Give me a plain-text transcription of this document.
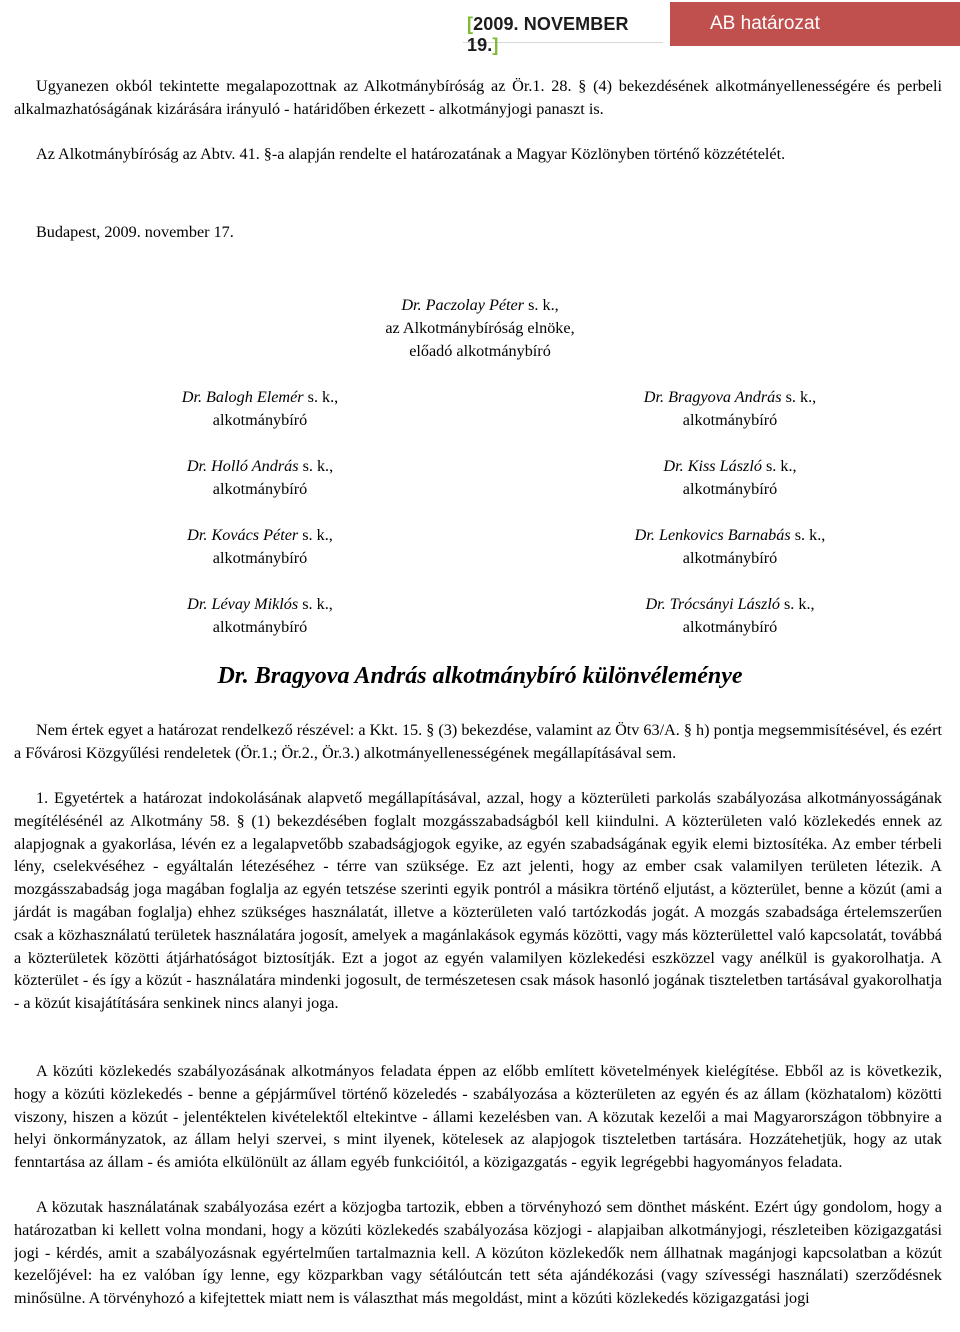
[2009. NOVEMBER 19.]
AB határozat

Ugyanezen okból tekintette megalapozottnak az Alkotmánybíróság az Ör.1. 28. § (4) bekezdésének alkotmányellenességére és perbeli alkalmazhatóságának kizárására irányuló - határidőben érkezett - alkotmányjogi panaszt is.

Az Alkotmánybíróság az Abtv. 41. §-a alapján rendelte el határozatának a Magyar Közlönyben történő közzétételét.

Budapest, 2009. november 17.
Dr. Paczolay Péter s. k.,
az Alkotmánybíróság elnöke,
előadó alkotmánybíró
Dr. Balogh Elemér s. k.,
alkotmánybíró
Dr. Holló András s. k.,
alkotmánybíró
Dr. Kovács Péter s. k.,
alkotmánybíró
Dr. Lévay Miklós s. k.,
alkotmánybíró
Dr. Bragyova András s. k.,
alkotmánybíró
Dr. Kiss László s. k.,
alkotmánybíró
Dr. Lenkovics Barnabás s. k.,
alkotmánybíró
Dr. Trócsányi László s. k.,
alkotmánybíró
Dr. Bragyova András alkotmánybíró különvéleménye

Nem értek egyet a határozat rendelkező részével: a Kkt. 15. § (3) bekezdése, valamint az Ötv 63/A. § h) pontja megsemmisítésével, és ezért a Fővárosi Közgyűlési rendeletek (Ör.1.; Ör.2., Ör.3.) alkotmányellenességének megállapításával sem.

1. Egyetértek a határozat indokolásának alapvető megállapításával, azzal, hogy a közterületi parkolás szabályozása alkotmányosságának megítélésénél az Alkotmány 58. § (1) bekezdésében foglalt mozgásszabadságból kell kiindulni. A közterületen való közlekedés ennek az alapjognak a gyakorlása, lévén ez a legalapvetőbb szabadságjogok egyike, az egyén szabadságának egyik elemi biztosítéka. Az ember térbeli lény, cselekvéséhez - egyáltalán létezéséhez - térre van szüksége. Ez azt jelenti, hogy az ember csak valamilyen területen létezik. A mozgásszabadság joga magában foglalja az egyén tetszése szerinti egyik pontról a másikra történő eljutást, a közterület, benne a közút (ami a járdát is magában foglalja) ehhez szükséges használatát, illetve a közterületen való tartózkodás jogát. A mozgás szabadsága értelemszerűen csak a közhasználatú területek használatára jogosít, amelyek a magánlakások egymás közötti, vagy más közterülettel való kapcsolatát, továbbá a közterületek közötti átjárhatóságot biztosítják. Ezt a jogot az egyén valamilyen közlekedési eszközzel vagy anélkül is gyakorolhatja. A közterület - és így a közút - használatára mindenki jogosult, de természetesen csak mások hasonló jogának tiszteletben tartásával gyakorolhatja - a közút kisajátítására senkinek nincs alanyi joga.

A közúti közlekedés szabályozásának alkotmányos feladata éppen az előbb említett követelmények kielégítése. Ebből az is következik, hogy a közúti közlekedés - benne a gépjárművel történő közeledés - szabályozása a közterületen az egyén és az állam (közhatalom) közötti viszony, hiszen a közút - jelentéktelen kivételektől eltekintve - állami kezelésben van. A közutak kezelői a mai Magyarországon többnyire a helyi önkormányzatok, az állam helyi szervei, s mint ilyenek, kötelesek az alapjogok tiszteletben tartására. Hozzátehetjük, hogy az utak fenntartása az állam - és amióta elkülönült az állam egyéb funkcióitól, a közigazgatás - egyik legrégebbi hagyományos feladata.

A közutak használatának szabályozása ezért a közjogba tartozik, ebben a törvényhozó sem dönthet másként. Ezért úgy gondolom, hogy a határozatban ki kellett volna mondani, hogy a közúti közlekedés szabályozása közjogi - alapjaiban alkotmányjogi, részleteiben közigazgatási jogi - kérdés, amit a szabályozásnak egyértelműen tartalmaznia kell. A közúton közlekedők nem állhatnak magánjogi kapcsolatban a közút kezelőjével: ha ez valóban így lenne, egy közparkban vagy sétálóutcán tett séta ajándékozási (vagy szívességi használati) szerződésnek minősülne. A törvényhozó a kifejtettek miatt nem is választhat más megoldást, mint a közúti közlekedés közigazgatási jogi
